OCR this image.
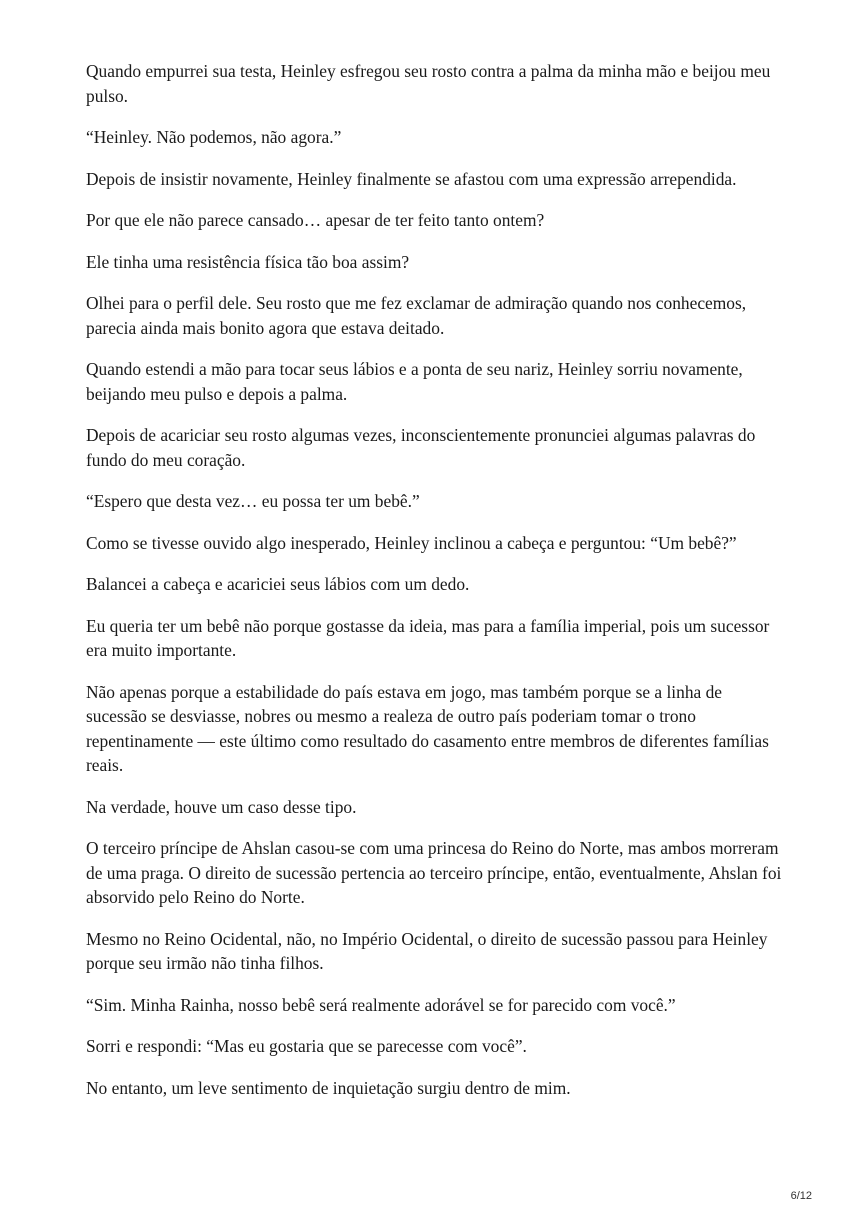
Quando empurrei sua testa, Heinley esfregou seu rosto contra a palma da minha mão e beijou meu pulso.

“Heinley. Não podemos, não agora.”

Depois de insistir novamente, Heinley finalmente se afastou com uma expressão arrependida.

Por que ele não parece cansado… apesar de ter feito tanto ontem?

Ele tinha uma resistência física tão boa assim?

Olhei para o perfil dele. Seu rosto que me fez exclamar de admiração quando nos conhecemos, parecia ainda mais bonito agora que estava deitado.

Quando estendi a mão para tocar seus lábios e a ponta de seu nariz, Heinley sorriu novamente, beijando meu pulso e depois a palma.

Depois de acariciar seu rosto algumas vezes, inconscientemente pronunciei algumas palavras do fundo do meu coração.

“Espero que desta vez… eu possa ter um bebê.”

Como se tivesse ouvido algo inesperado, Heinley inclinou a cabeça e perguntou: “Um bebê?”

Balancei a cabeça e acariciei seus lábios com um dedo.

Eu queria ter um bebê não porque gostasse da ideia, mas para a família imperial, pois um sucessor era muito importante.

Não apenas porque a estabilidade do país estava em jogo, mas também porque se a linha de sucessão se desviasse, nobres ou mesmo a realeza de outro país poderiam tomar o trono repentinamente — este último como resultado do casamento entre membros de diferentes famílias reais.

Na verdade, houve um caso desse tipo.

O terceiro príncipe de Ahslan casou-se com uma princesa do Reino do Norte, mas ambos morreram de uma praga. O direito de sucessão pertencia ao terceiro príncipe, então, eventualmente, Ahslan foi absorvido pelo Reino do Norte.

Mesmo no Reino Ocidental, não, no Império Ocidental, o direito de sucessão passou para Heinley porque seu irmão não tinha filhos.

“Sim. Minha Rainha, nosso bebê será realmente adorável se for parecido com você.”

Sorri e respondi: “Mas eu gostaria que se parecesse com você”.

No entanto, um leve sentimento de inquietação surgiu dentro de mim.

6/12
